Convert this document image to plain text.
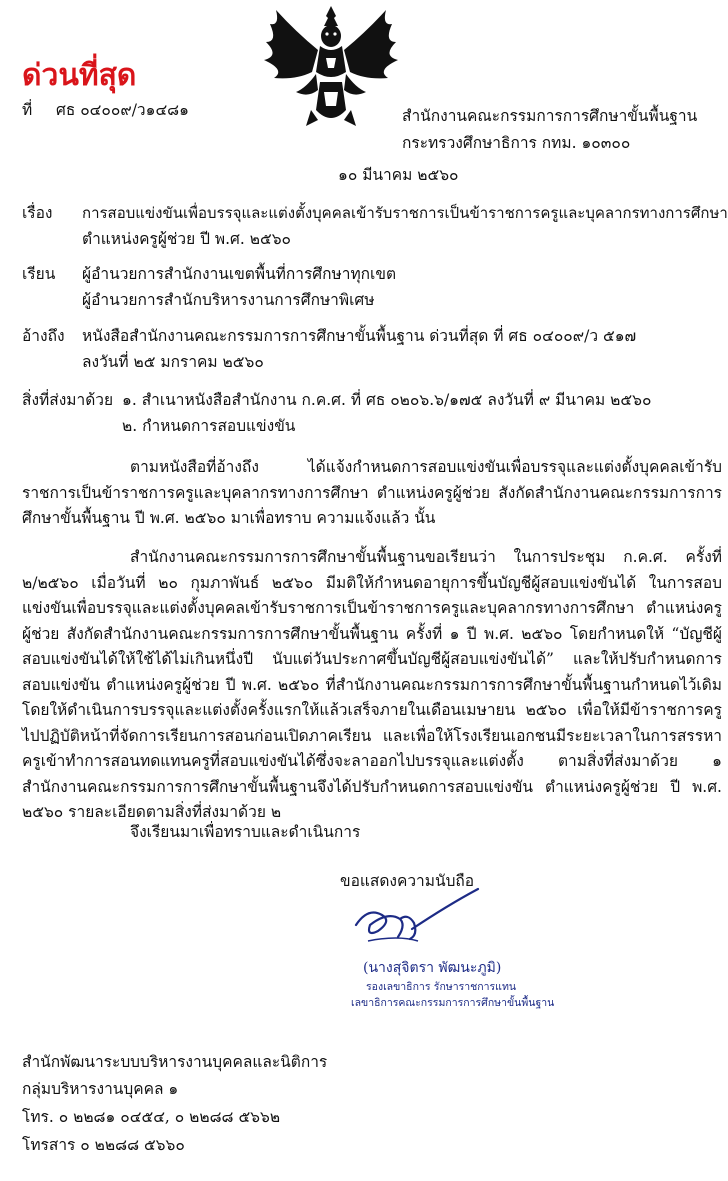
ด่วนที่สุด
ที่ ศธ ๐๔๐๐๙/ว๑๔๘๑	สำนักงานคณะกรรมการการศึกษาขั้นพื้นฐาน
กระทรวงศึกษาธิการ กทม. ๑๐๓๐๐
๑๐ มีนาคม ๒๕๖๐
เรื่อง การสอบแข่งขันเพื่อบรรจุและแต่งตั้งบุคคลเข้ารับราชการเป็นข้าราชการครูและบุคลากรทางการศึกษา
ตำแหน่งครูผู้ช่วย ปี พ.ศ. ๒๕๖๐
เรียน ผู้อำนวยการสำนักงานเขตพื้นที่การศึกษาทุกเขต
ผู้อำนวยการสำนักบริหารงานการศึกษาพิเศษ
อ้างถึง หนังสือสำนักงานคณะกรรมการการศึกษาขั้นพื้นฐาน ด่วนที่สุด ที่ ศธ ๐๔๐๐๙/ว ๕๑๗
ลงวันที่ ๒๕ มกราคม ๒๕๖๐
สิ่งที่ส่งมาด้วย ๑. สำเนาหนังสือสำนักงาน ก.ค.ศ. ที่ ศธ ๐๒๐๖.๖/๑๗๕ ลงวันที่ ๙ มีนาคม ๒๕๖๐
๒. กำหนดการสอบแข่งขัน
ตามหนังสือที่อ้างถึง ได้แจ้งกำหนดการสอบแข่งขันเพื่อบรรจุและแต่งตั้งบุคคลเข้ารับราชการเป็นข้าราชการครูและบุคลากรทางการศึกษา ตำแหน่งครูผู้ช่วย สังกัดสำนักงานคณะกรรมการการศึกษาขั้นพื้นฐาน ปี พ.ศ. ๒๕๖๐ มาเพื่อทราบ ความแจ้งแล้ว นั้น
สำนักงานคณะกรรมการการศึกษาขั้นพื้นฐานขอเรียนว่า ในการประชุม ก.ค.ศ. ครั้งที่ ๒/๒๕๖๐ เมื่อวันที่ ๒๐ กุมภาพันธ์ ๒๕๖๐ มีมติให้กำหนดอายุการขึ้นบัญชีผู้สอบแข่งขันได้ ในการสอบแข่งขันเพื่อบรรจุและแต่งตั้งบุคคลเข้ารับราชการเป็นข้าราชการครูและบุคลากรทางการศึกษา ตำแหน่งครูผู้ช่วย สังกัดสำนักงานคณะกรรมการการศึกษาขั้นพื้นฐาน ครั้งที่ ๑ ปี พ.ศ. ๒๕๖๐ โดยกำหนดให้ “บัญชีผู้สอบแข่งขันได้ให้ใช้ได้ไม่เกินหนึ่งปี นับแต่วันประกาศขึ้นบัญชีผู้สอบแข่งขันได้” และให้ปรับกำหนดการสอบแข่งขัน ตำแหน่งครูผู้ช่วย ปี พ.ศ. ๒๕๖๐ ที่สำนักงานคณะกรรมการการศึกษาขั้นพื้นฐานกำหนดไว้เดิม โดยให้ดำเนินการบรรจุและแต่งตั้งครั้งแรกให้แล้วเสร็จภายในเดือนเมษายน ๒๕๖๐ เพื่อให้มีข้าราชการครูไปปฏิบัติหน้าที่จัดการเรียนการสอนก่อนเปิดภาคเรียน และเพื่อให้โรงเรียนเอกชนมีระยะเวลาในการสรรหาครูเข้าทำการสอนทดแทนครูที่สอบแข่งขันได้ซึ่งจะลาออกไปบรรจุและแต่งตั้ง ตามสิ่งที่ส่งมาด้วย ๑ สำนักงานคณะกรรมการการศึกษาขั้นพื้นฐานจึงได้ปรับกำหนดการสอบแข่งขัน ตำแหน่งครูผู้ช่วย ปี พ.ศ. ๒๕๖๐ รายละเอียดตามสิ่งที่ส่งมาด้วย ๒
จึงเรียนมาเพื่อทราบและดำเนินการ
ขอแสดงความนับถือ
(นางสุจิตรา พัฒนะภูมิ)
รองเลขาธิการ รักษาราชการแทน
เลขาธิการคณะกรรมการการศึกษาขั้นพื้นฐาน
สำนักพัฒนาระบบบริหารงานบุคคลและนิติการ
กลุ่มบริหารงานบุคคล ๑
โทร. ๐ ๒๒๘๑ ๐๔๕๔, ๐ ๒๒๘๘ ๕๖๖๒
โทรสาร ๐ ๒๒๘๘ ๕๖๖๐
